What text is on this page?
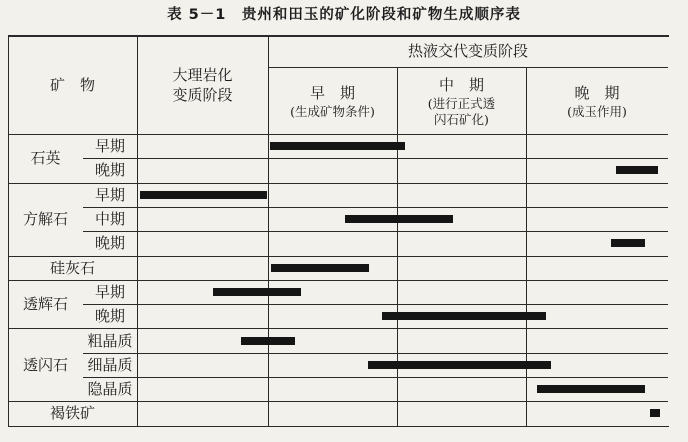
表 5－1　贵州和田玉的矿化阶段和矿物生成顺序表
矿　物
大理岩化
变质阶段
热液交代变质阶段
早　期
(生成矿物条件)
中　期
(进行正式透
闪石矿化)
晚　期
(成玉作用)
石英
早期
晚期
方解石
早期
中期
晚期
硅灰石
透辉石
早期
晚期
透闪石
粗晶质
细晶质
隐晶质
褐铁矿
